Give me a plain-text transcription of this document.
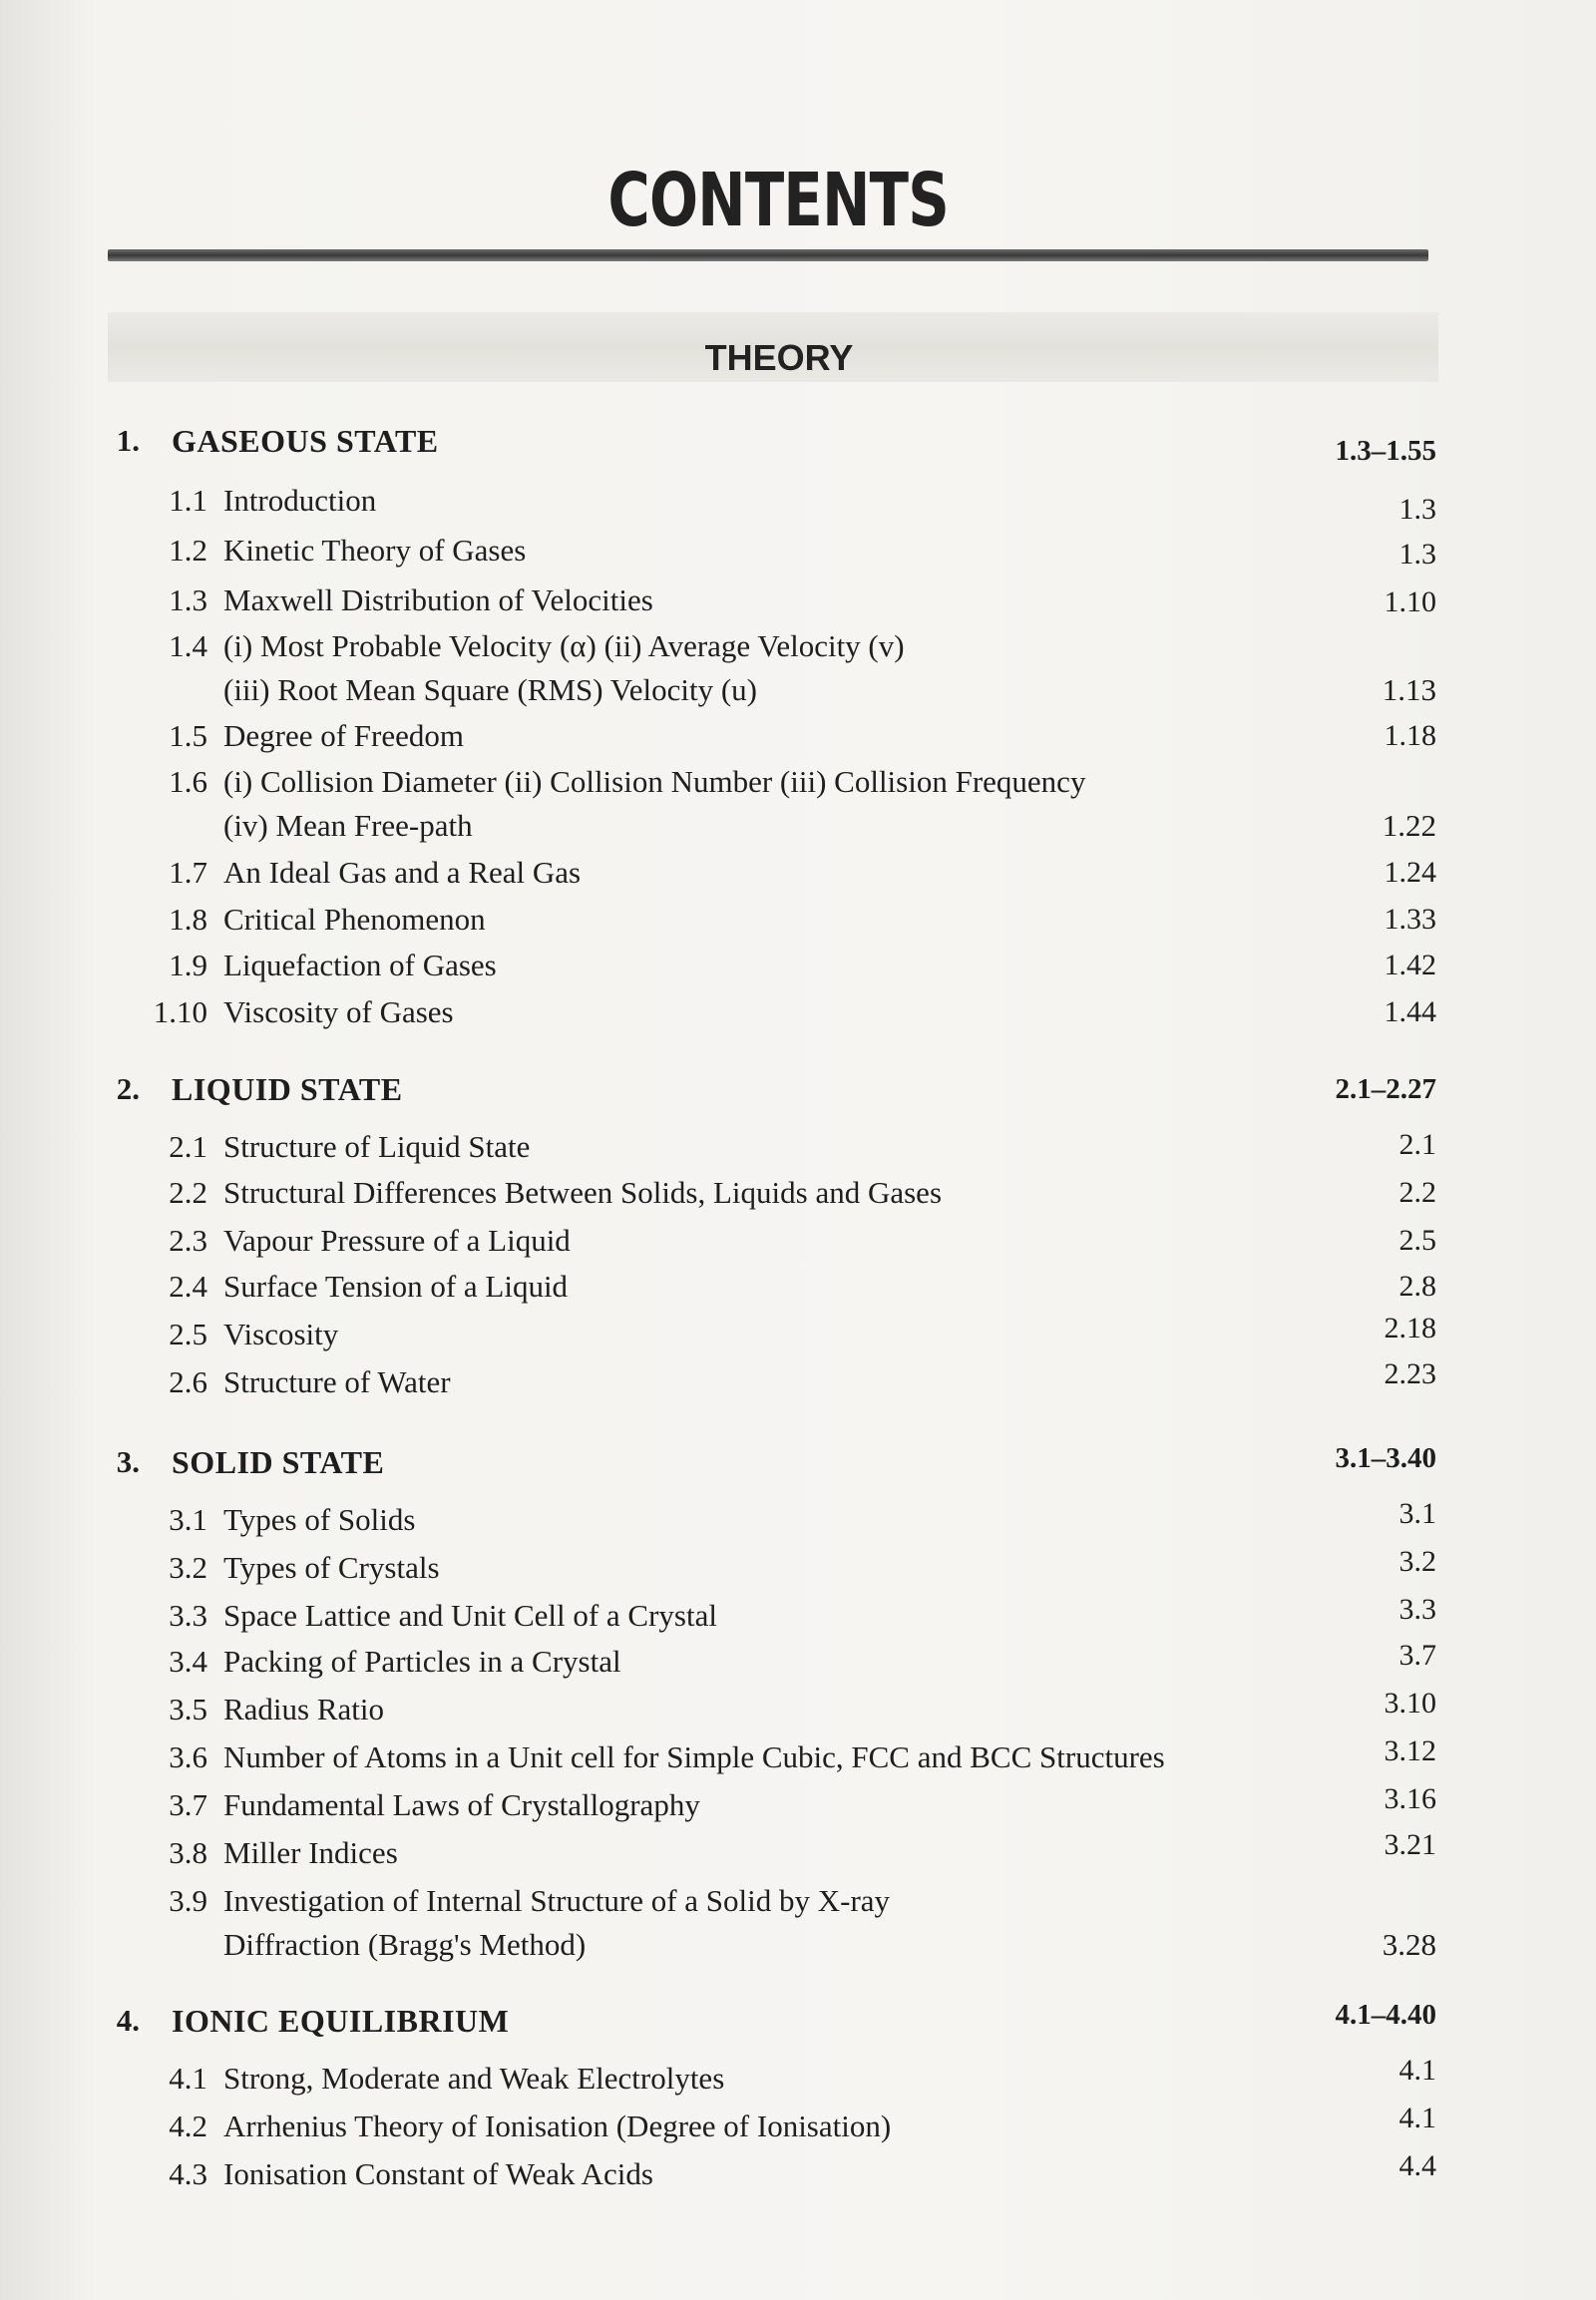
CONTENTS
THEORY
1. GASEOUS STATE	1.3–1.55
1.1 Introduction	1.3
1.2 Kinetic Theory of Gases	1.3
1.3 Maxwell Distribution of Velocities	1.10
1.4 (i) Most Probable Velocity (α) (ii) Average Velocity (v)
(iii) Root Mean Square (RMS) Velocity (u)	1.13
1.5 Degree of Freedom	1.18
1.6 (i) Collision Diameter (ii) Collision Number (iii) Collision Frequency
(iv) Mean Free-path	1.22
1.7 An Ideal Gas and a Real Gas	1.24
1.8 Critical Phenomenon	1.33
1.9 Liquefaction of Gases	1.42
1.10 Viscosity of Gases	1.44
2. LIQUID STATE	2.1–2.27
2.1 Structure of Liquid State	2.1
2.2 Structural Differences Between Solids, Liquids and Gases	2.2
2.3 Vapour Pressure of a Liquid	2.5
2.4 Surface Tension of a Liquid	2.8
2.5 Viscosity	2.18
2.6 Structure of Water	2.23
3. SOLID STATE	3.1–3.40
3.1 Types of Solids	3.1
3.2 Types of Crystals	3.2
3.3 Space Lattice and Unit Cell of a Crystal	3.3
3.4 Packing of Particles in a Crystal	3.7
3.5 Radius Ratio	3.10
3.6 Number of Atoms in a Unit cell for Simple Cubic, FCC and BCC Structures	3.12
3.7 Fundamental Laws of Crystallography	3.16
3.8 Miller Indices	3.21
3.9 Investigation of Internal Structure of a Solid by X-ray
Diffraction (Bragg's Method)	3.28
4. IONIC EQUILIBRIUM	4.1–4.40
4.1 Strong, Moderate and Weak Electrolytes	4.1
4.2 Arrhenius Theory of Ionisation (Degree of Ionisation)	4.1
4.3 Ionisation Constant of Weak Acids	4.4
